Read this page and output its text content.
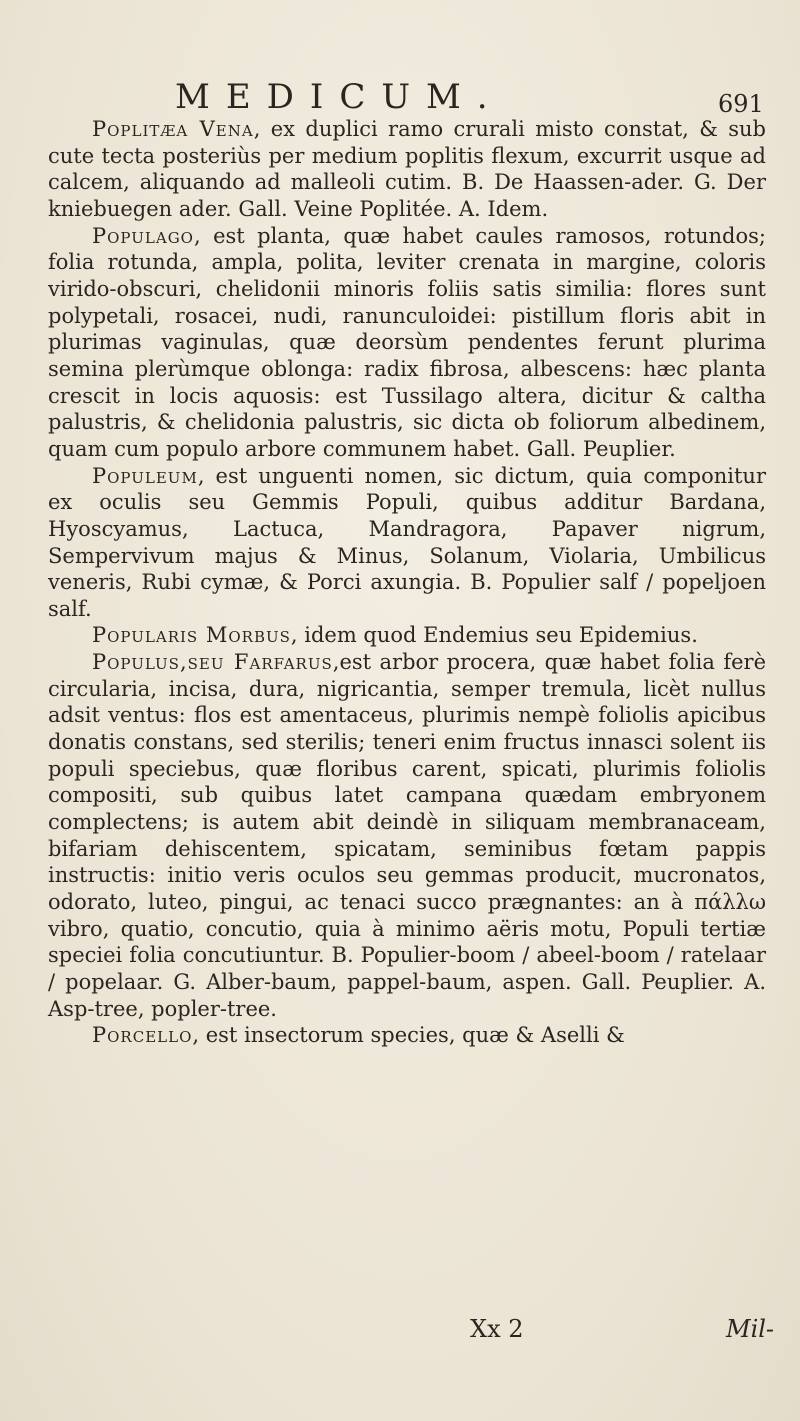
MEDICUM.	691

Poplitæa Vena, ex duplici ramo crurali misto constat, & sub cute tecta posteriùs per medium poplitis flexum, excurrit usque ad calcem, aliquando ad malleoli cutim. B. De Haassen-ader. G. Der kniebuegen ader. Gall. Veine Poplitée. A. Idem.

Populago, est planta, quæ habet caules ramosos, rotundos; folia rotunda, ampla, polita, leviter crenata in margine, coloris virido-obscuri, chelidonii minoris foliis satis similia: flores sunt polypetali, rosacei, nudi, ranunculoidei: pistillum floris abit in plurimas vaginulas, quæ deorsùm pendentes ferunt plurima semina plerùmque oblonga: radix fibrosa, albescens: hæc planta crescit in locis aquosis: est Tussilago altera, dicitur & caltha palustris, & chelidonia palustris, sic dicta ob foliorum albedinem, quam cum populo arbore communem habet. Gall. Peuplier.

Populeum, est unguenti nomen, sic dictum, quia componitur ex oculis seu Gemmis Populi, quibus additur Bardana, Hyoscyamus, Lactuca, Mandragora, Papaver nigrum, Sempervivum majus & Minus, Solanum, Violaria, Umbilicus veneris, Rubi cymæ, & Porci axungia. B. Populier salf / popeljoen salf.

Popularis Morbus, idem quod Endemius seu Epidemius.

Populus,seu Farfarus,est arbor procera, quæ habet folia ferè circularia, incisa, dura, nigricantia, semper tremula, licèt nullus adsit ventus: flos est amentaceus, plurimis nempè foliolis apicibus donatis constans, sed sterilis; teneri enim fructus innasci solent iis populi speciebus, quæ floribus carent, spicati, plurimis foliolis compositi, sub quibus latet campana quædam embryonem complectens; is autem abit deindè in siliquam membranaceam, bifariam dehiscentem, spicatam, seminibus fœtam pappis instructis: initio veris oculos seu gemmas producit, mucronatos, odorato, luteo, pingui, ac tenaci succo prægnantes: an à πάλλω vibro, quatio, concutio, quia à minimo aëris motu, Populi tertiæ speciei folia concutiuntur. B. Populier-boom / abeel-boom / ratelaar / popelaar. G. Alber-baum, pappel-baum, aspen. Gall. Peuplier. A. Asp-tree, popler-tree.

Porcello, est insectorum species, quæ & Aselli &

Xx 2	Mil-
